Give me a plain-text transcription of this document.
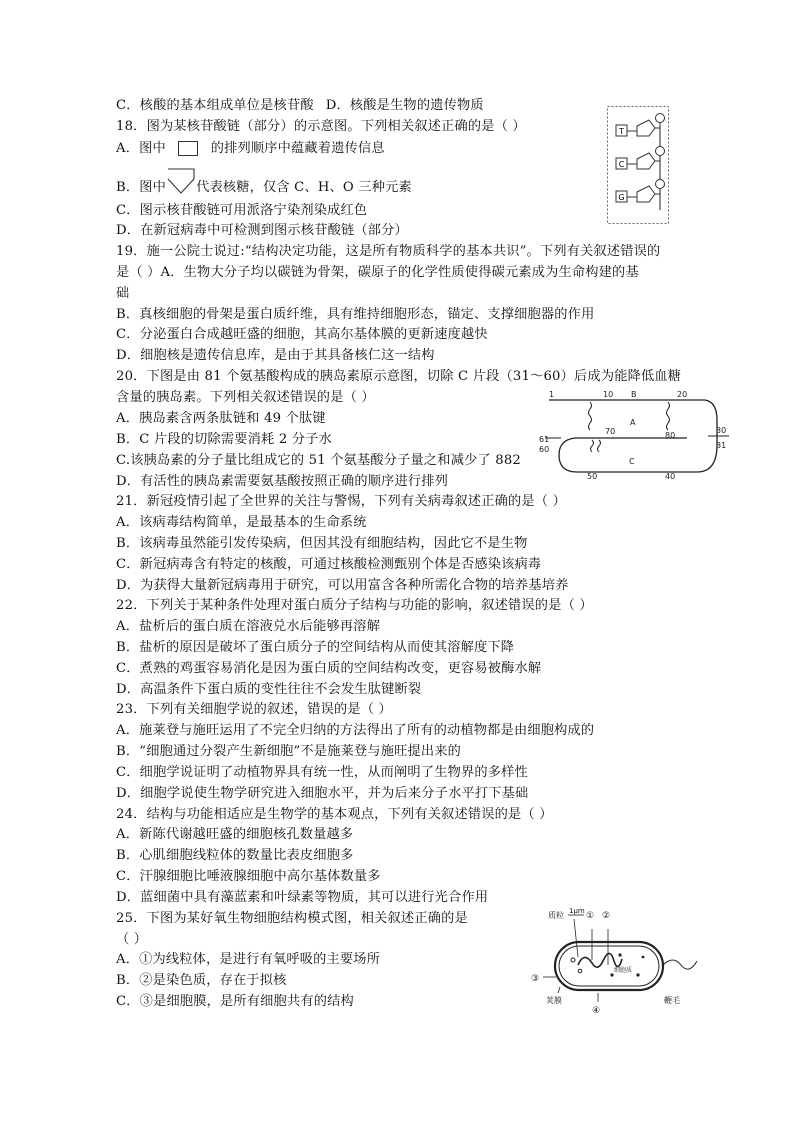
C．核酸的基本组成单位是核苷酸 D．核酸是生物的遗传物质
18．图为某核苷酸链（部分）的示意图。下列相关叙述正确的是（ ）
A．图中	的排列顺序中蕴藏着遗传信息
B．图中 代表核糖，仅含 C、H、O 三种元素
C．图示核苷酸链可用派洛宁染剂染成红色
D．在新冠病毒中可检测到图示核苷酸链（部分）
T
C
G
19．施一公院士说过:“结构决定功能，这是所有物质科学的基本共识”。下列有关叙述错误的
是（ ）A．生物大分子均以碳链为骨架，碳原子的化学性质使得碳元素成为生命构建的基
础
B．真核细胞的骨架是蛋白质纤维，具有维持细胞形态，锚定、支撑细胞器的作用
C．分泌蛋白合成越旺盛的细胞，其高尔基体膜的更新速度越快
D．细胞核是遗传信息库，是由于其具备核仁这一结构
20．下图是由 81 个氨基酸构成的胰岛素原示意图，切除 C 片段（31～60）后成为能降低血糖
含量的胰岛素。下列相关叙述错误的是（ ）
A．胰岛素含两条肽链和 49 个肽键
B．C 片段的切除需要消耗 2 分子水
C.该胰岛素的分子量比组成它的 51 个氨基酸分子量之和减少了 882
D．有活性的胰岛素需要氨基酸按照正确的顺序进行排列
1	10 B	20
A
70	80
61
60
30
31
C
50	40
21．新冠疫情引起了全世界的关注与警惕，下列有关病毒叙述正确的是（ ）
A．该病毒结构简单，是最基本的生命系统
B．该病毒虽然能引发传染病，但因其没有细胞结构，因此它不是生物
C．新冠病毒含有特定的核酸，可通过核酸检测甄别个体是否感染该病毒
D．为获得大量新冠病毒用于研究，可以用富含各种所需化合物的培养基培养
22．下列关于某种条件处理对蛋白质分子结构与功能的影响，叙述错误的是（ ）
A．盐析后的蛋白质在溶液兑水后能够再溶解
B．盐析的原因是破坏了蛋白质分子的空间结构从而使其溶解度下降
C．煮熟的鸡蛋容易消化是因为蛋白质的空间结构改变，更容易被酶水解
D．高温条件下蛋白质的变性往往不会发生肽键断裂
23．下列有关细胞学说的叙述，错误的是（ ）
A．施莱登与施旺运用了不完全归纳的方法得出了所有的动植物都是由细胞构成的
B．“细胞通过分裂产生新细胞”不是施莱登与施旺提出来的
C．细胞学说证明了动植物界具有统一性，从而阐明了生物界的多样性
D．细胞学说使生物学研究进入细胞水平，并为后来分子水平打下基础
24．结构与功能相适应是生物学的基本观点，下列有关叙述错误的是（ ）
A．新陈代谢越旺盛的细胞核孔数量越多
B．心肌细胞线粒体的数量比表皮细胞多
C．汗腺细胞比唾液腺细胞中高尔基体数量多
D．蓝细菌中具有藻蓝素和叶绿素等物质，其可以进行光合作用
25．下图为某好氧生物细胞结构模式图，相关叙述正确的是
（ ）
A．①为线粒体，是进行有氧呼吸的主要场所
B．②是染色质，存在于拟核
C．③是细胞膜，是所有细胞共有的结构
① ②
1μm
质粒
细胞质
③
荚膜
④
鞭毛
